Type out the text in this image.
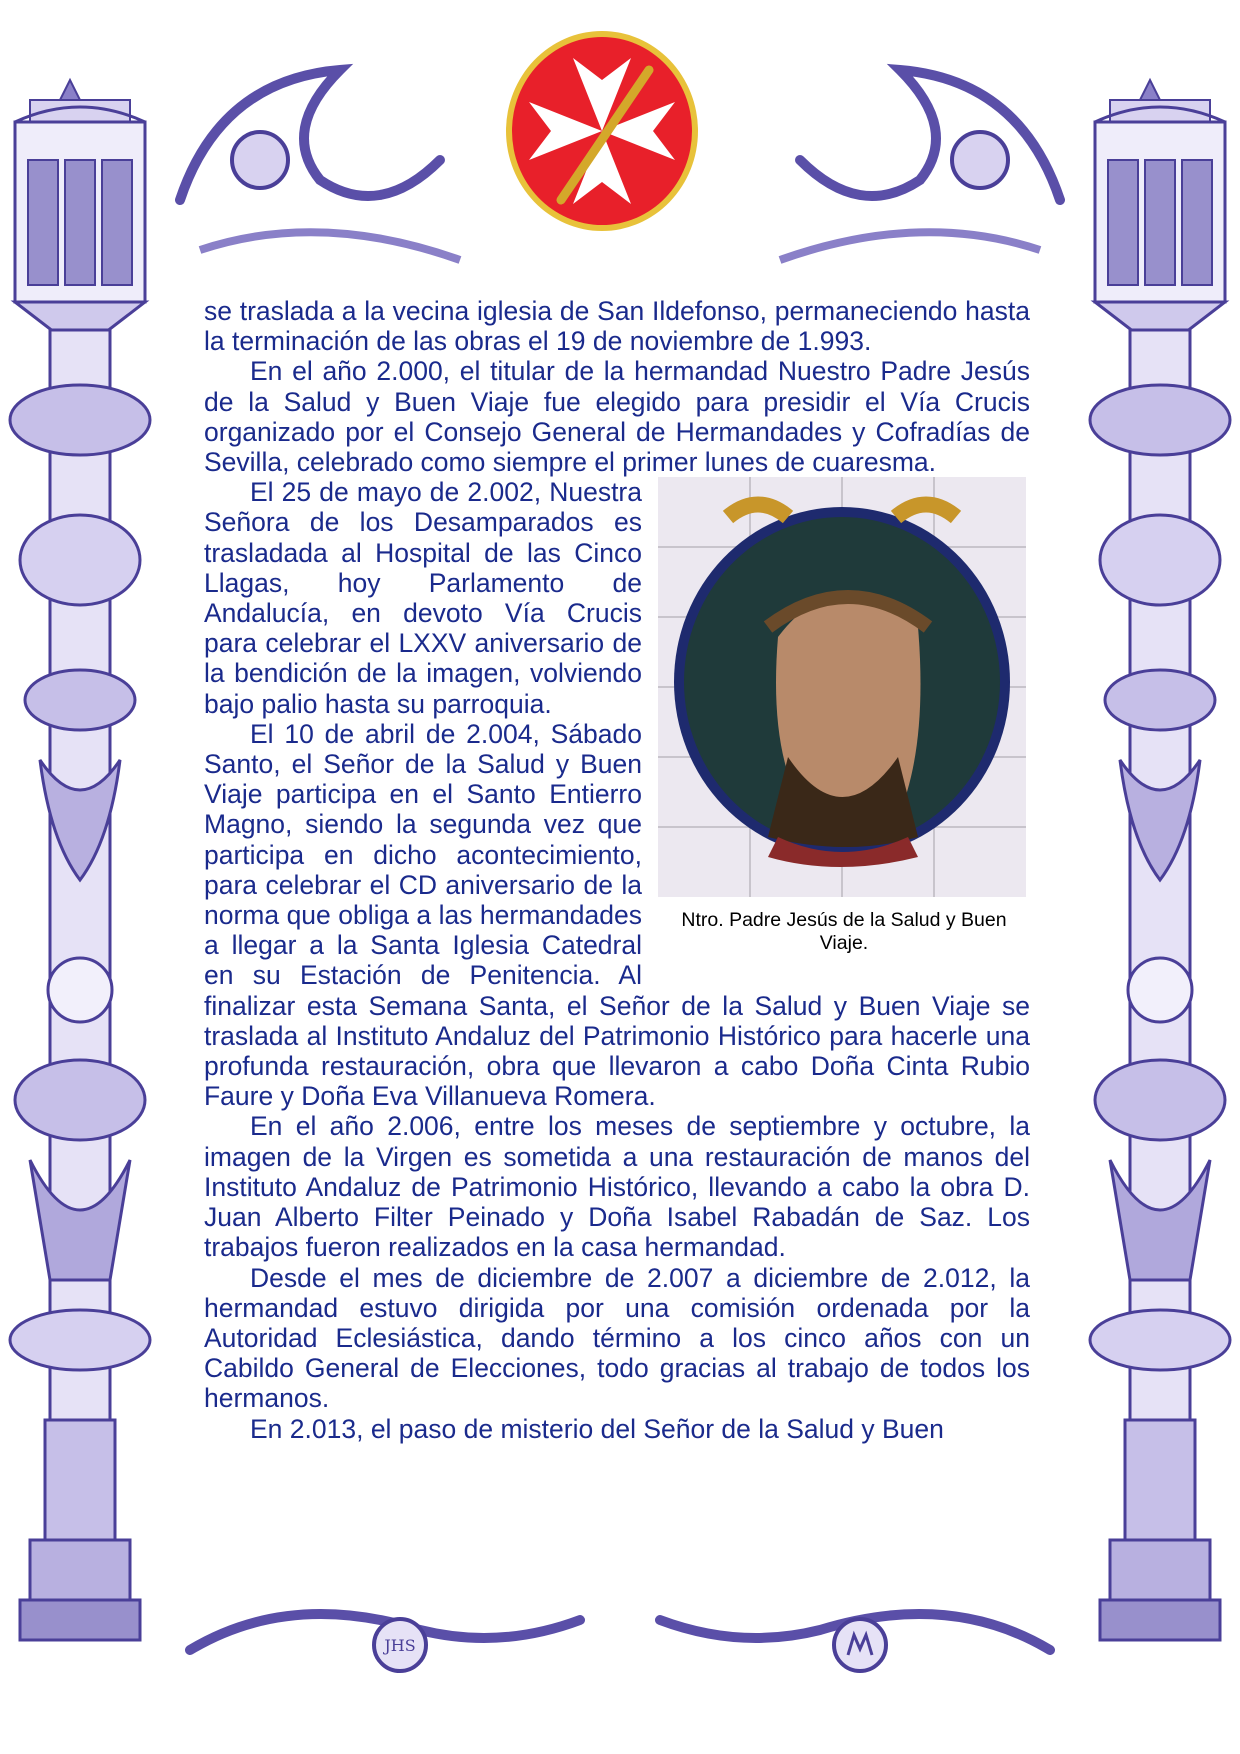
JHS

se traslada a la vecina iglesia de San Ildefonso, permaneciendo hasta la terminación de las obras el 19 de noviembre de 1.993.

En el año 2.000, el titular de la hermandad Nuestro Padre Jesús de la Salud y Buen Viaje fue elegido para presidir el Vía Crucis organizado por el Consejo General de Hermandades y Cofradías de Sevilla, celebrado como siempre el primer lunes de cuaresma.

Ntro. Padre Jesús de la Salud y Buen Viaje.

El 25 de mayo de 2.002, Nuestra Señora de los Desamparados es trasladada al Hospital de las Cinco Llagas, hoy Parlamento de Andalucía, en devoto Vía Crucis para celebrar el LXXV aniversario de la bendición de la imagen, volviendo bajo palio hasta su parroquia.

El 10 de abril de 2.004, Sábado Santo, el Señor de la Salud y Buen Viaje participa en el Santo Entierro Magno, siendo la segunda vez que participa en dicho acontecimiento, para celebrar el CD aniversario de la norma que obliga a las hermandades a llegar a la Santa Iglesia Catedral en su Estación de Penitencia. Al finalizar esta Semana Santa, el Señor de la Salud y Buen Viaje se traslada al Instituto Andaluz del Patrimonio Histórico para hacerle una profunda restauración, obra que llevaron a cabo Doña Cinta Rubio Faure y Doña Eva Villanueva Romera.

En el año 2.006, entre los meses de septiembre y octubre, la imagen de la Virgen es sometida a una restauración de manos del Instituto Andaluz de Patrimonio Histórico, llevando a cabo la obra D. Juan Alberto Filter Peinado y Doña Isabel Rabadán de Saz. Los trabajos fueron realizados en la casa hermandad.

Desde el mes de diciembre de 2.007 a diciembre de 2.012, la hermandad estuvo dirigida por una comisión ordenada por la Autoridad Eclesiástica, dando término a los cinco años con un Cabildo General de Elecciones, todo gracias al trabajo de todos los hermanos.

En 2.013, el paso de misterio del Señor de la Salud y Buen
